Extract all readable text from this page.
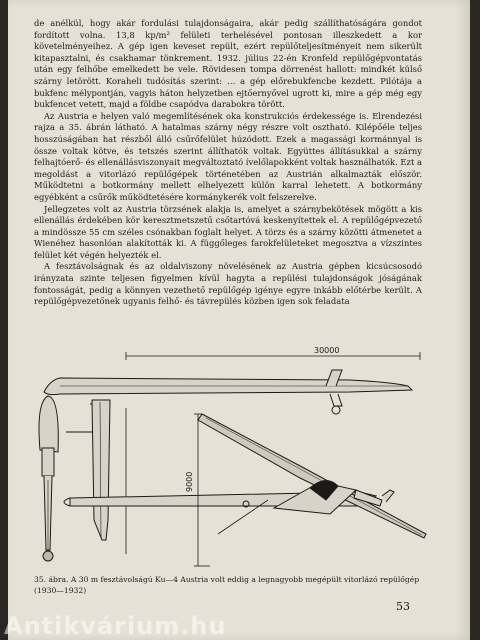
de anélkül, hogy akár fordulási tulajdonságaira, akár pedig szállíthatóságára gondot fordított volna. 13,8 kp/m² felületi terhelésével pontosan illeszkedett a kor követelményeihez. A gép igen keveset repült, ezért repülőteljesítményeit nem sikerült kitapasztalni, és csakhamar tönkrement. 1932. július 22-én Kronfeld repülőgépvontatás után egy felhőbe emelkedett be vele. Rövidesen tompa dörrenést hallott: mindkét külső szárny letörött. Koraheli tudósítás szerint: … a gép előrebukfencbe kezdett. Pilótája a bukfenc mélypontján, vagyis háton helyzetben ejtőernyővel ugrott ki, mire a gép még egy bukfencet vetett, majd a földbe csapódva darabokra törött.

Az Austria e helyen való megemlítésének oka konstrukciós érdekessége is. Elrendezési rajza a 35. ábrán látható. A hatalmas szárny négy részre volt osztható. Kilépőéle teljes hosszúságában hat részből álló csűrőfelület húzódott. Ezek a magassági kormánnyal is össze voltak kötve, és tetszés szerint állíthatók voltak. Együttes állításukkal a szárny felhajtóerő- és ellenállásviszonyait megváltoztató ívelőlapokként voltak használhatók. Ezt a megoldást a vitorlázó repülőgépek történetében az Austrián alkalmazták először. Működtetni a botkormány mellett elhelyezett külön karral lehetett. A botkormány egyébként a csűrők működtetésére kormánykerék volt felszerelve.

Jellegzetes volt az Austria törzsének alakja is, amelyet a szárnybekötések mögött a kis ellenállás érdekében kör keresztmetszetű csőtartóvá keskenyítettek el. A repülőgépvezető a mindössze 55 cm széles csónakban foglalt helyet. A törzs és a szárny közötti átmenetet a Wienéhez hasonlóan alakították ki. A függőleges farokfelületeket megosztva a vízszintes felület két végén helyezték el.

A fesztávolságnak és az oldalviszony növelésének az Austria gépben kicsúcsosodó irányzata szinte teljesen figyelmen kívül hagyta a repülési tulajdonságok jóságának fontosságát, pedig a könnyen vezethető repülőgép igénye egyre inkább előtérbe került. A repülőgépvezetőnek ugyanis felhő- és távrepülés közben igen sok feladata

30000
9000
35. ábra. A 30 m fesztávolságú Ku—4 Austria volt eddig a legnagyobb megépült vitorlázó repülőgép (1930—1932)
53
Antikvárium.hu
